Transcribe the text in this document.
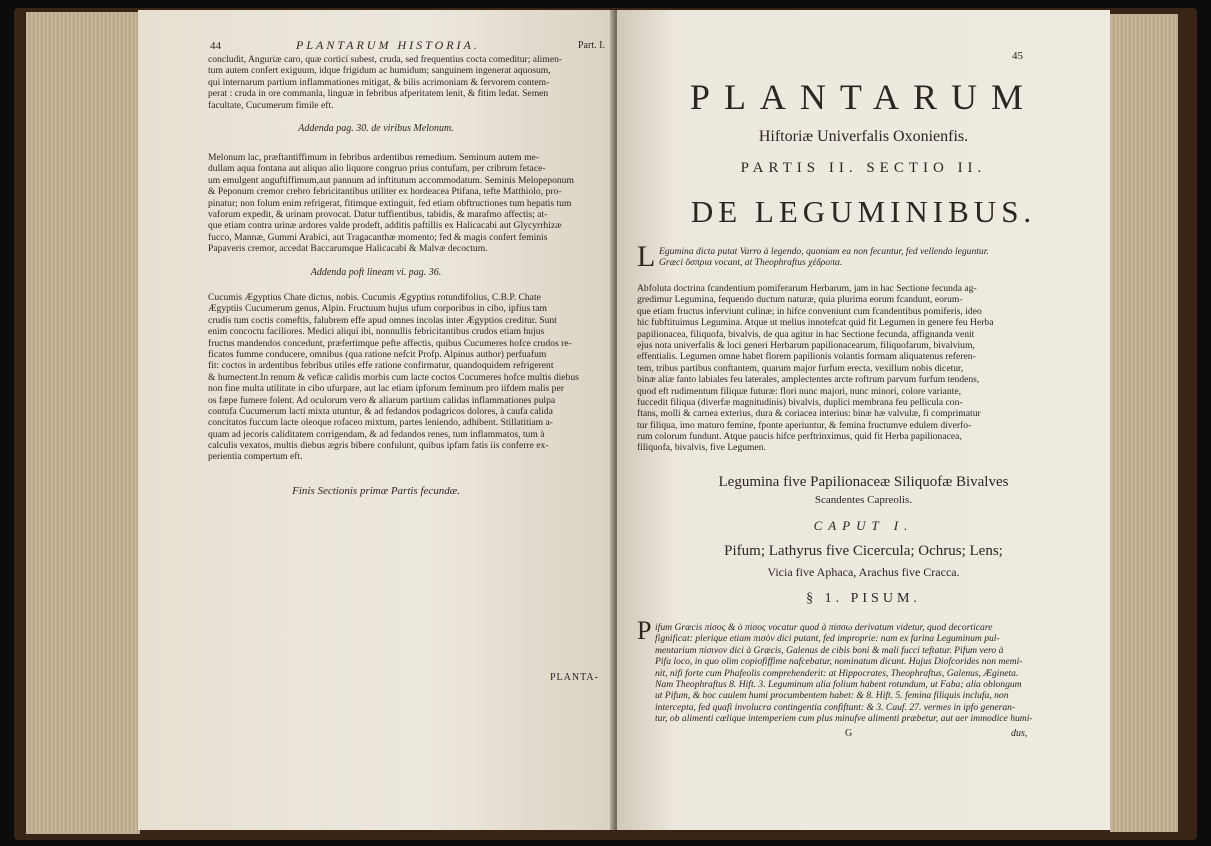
44	PLANTARUM HISTORIA.	Part. I.
concludit, Anguriæ caro, quæ corticí subest, cruda, sed frequentius cocta comeditur; alimen-
tum autem confert exiguum, idque frigidum ac humidum; sanguinem ingenerat aquosum,
qui internarum partium inflammationes mitigat, & bilis acrimoniam & fervorem contem-
perat : cruda in ore commanla, linguæ in febribus afperitatem lenit, & fitim ledat. Semen
facultate, Cucumerum fimile eft.
Addenda pag. 30. de viribus Melonum.
Melonum lac, præftantiffimum in febribus ardentibus remedium. Seminum autem me-
dullam aqua fontana aut aliquo alio liquore congruo prius contufam, per cribrum fetace-
um emulgent anguftiffimum,aut pannum ad inftitutum accommodatum. Seminis Melopeponum
& Peponum cremor crebro febricitantibus utiliter ex hordeacea Ptifana, tefte Matthiolo, pro-
pinatur; non folum enim refrigerat, fitimque extinguit, fed etiam obftructiones tum hepatis tum
vaforum expedit, & urinam provocat. Datur tuffientibus, tabidis, & marafmo affectis; at-
que etiam contra urinæ ardores valde prodeft, additis paftillis ex Halicacabi aut Glycyrrhizæ
fucco, Mannæ, Gummi Arabici, aut Tragacanthæ momento; fed & magis confert feminis
Papaveris cremor, accedat Baccarumque Halicacabi & Malvæ decoctum.
Addenda poft lineam vi. pag. 36.
Cucumis Ægyptius Chate dictus, nobis. Cucumis Ægyptius rotundifolius, C.B.P. Chate
Ægyptiis Cucumerum genus, Alpin. Fructuum hujus ufum corporibus in cibo, ipfius tam
crudis tum coctis comeftis, falubrem effe apud omnes incolas inter Ægyptios creditur. Sunt
enim concoctu faciliores. Medici aliqui ibi, nonnullis febricitantibus crudos etiam hujus
fructus mandendos concedunt, præfertimque pefte affectis, quibus Cucumeres hofce crudos re-
ficatos fumme conducere, omnibus (qua ratione nefcit Profp. Alpinus author) perfuafum
fit: coctos in ardentibus febribus utiles effe ratione confirmatur, quandoquidem refrigerent
& humectent.In renum & veficæ calidis morbis cum lacte coctos Cucumeres hofce multis diebus
non fine multa utilitate in cibo ufurpare, aut lac etiam ipforum feminum pro iifdem malis per
os fæpe fumere folent. Ad oculorum vero & aliarum partium calidas inflammationes pulpa
contufa Cucumerum lacti mixta utuntur, & ad fedandos podagricos dolores, à caufa calida
concitatos fuccum lacte oleoque rofaceo mixtum, partes leniendo, adhibent. Stillatitiam a-
quam ad jecoris caliditatem corrigendam, & ad fedandos renes, tum inflammatos, tum à
calculis vexatos, multis diebus ægris bibere confulunt, quibus ipfam fatis iis conferre ex-
perientia compertum eft.
Finis Sectionis primæ Partis fecundæ.
PLANTA-
45
PLANTARUM
Hiftoriæ Univerfalis Oxonienfis.
PARTIS II. SECTIO II.
DE LEGUMINIBUS.
L Egumina dicta putat Varro à legendo, quoniam ea non fecantur, fed vellendo leguntur.
Græci ὄσπρια vocant, at Theophraftus χέδροπα.
Abfoluta doctrina fcandentium pomiferarum Herbarum, jam in hac Sectione fecunda ag-
gredimur Legumina, fequendo ductum naturæ, quia plurima eorum fcandunt, eorum-
que etiam fructus inferviunt culinæ; in hifce conveniunt cum fcandentibus pomiferis, ideo
hic fubftituimus Legumina. Atque ut melius innotefcat quid fit Legumen in genere feu Herba
papilionacea, filiquofa, bivalvis, de qua agitur in hac Sectione fecunda, affignanda venit
ejus nota univerfalis & loci generi Herbarum papilionacearum, filiquofarum, bivalvium,
effentialis. Legumen omne habet florem papilionis volantis formam aliquatenus referen-
tem, tribus partibus conftantem, quarum major furfum erecta, vexillum nobis dicetur,
binæ aliæ fanto labiales feu laterales, amplectentes arcte roftrum parvum furfum tendens,
quod eft rudimentum filiquæ futuræ: flori nunc majori, nunc minori, colore variante,
fuccedit filiqua (diverfæ magnitudinis) bivalvis, duplici membrana feu pellicula con-
ftans, molli & carnea exterius, dura & coriacea interius: binæ hæ valvulæ, fi comprimatur
tur filiqua, imo maturo femine, fponte aperiuntur, & femina fructumve edulem diverfo-
rum colorum fundunt. Atque paucis hifce perftrinximus, quid fit Herba papilionacea,
filiquofa, bivalvis, five Legumen.
Legumina five Papilionaceæ Siliquofæ Bivalves
Scandentes Capreolis.
CAPUT I.
Pifum; Lathyrus five Cicercula; Ochrus; Lens;
Vicia five Aphaca, Arachus five Cracca.
§ 1. PISUM.
P ifum Græcis πίσος & ὁ πίσος vocatur quod à πίσσω derivatum videtur, quod decorticare
fignificat: plerique etiam πισὸν dici putant, fed improprie: nam ex farina Leguminum pul-
mentarium πίσινον dici à Græcis, Galenus de cibis boni & mali fucci teftatur. Pifum vero à
Pifa loco, in quo olim copiofiffime nafcebatur, nominatum dicunt. Hujus Diofcorides non memi-
nit, nifi forte cum Phafeolis comprehenderit: at Hippocrates, Theophraftus, Galenus, Ægineta.
Nam Theophraftus 8. Hift. 3. Leguminum alia folium habent rotundum, ut Faba; alia oblongum
ut Pifum, & hoc caulem humi procumbentem habet: & 8. Hift. 5. femina filiquis inclufa, non
intercepta, fed quafi involucra contingentia confiftunt: & 3. Cauf. 27. vermes in ipfo generan-
tur, ob alimenti cælique intemperiem cum plus minufve alimenti præbetur, aut aer immodice humi-
G	dus,
